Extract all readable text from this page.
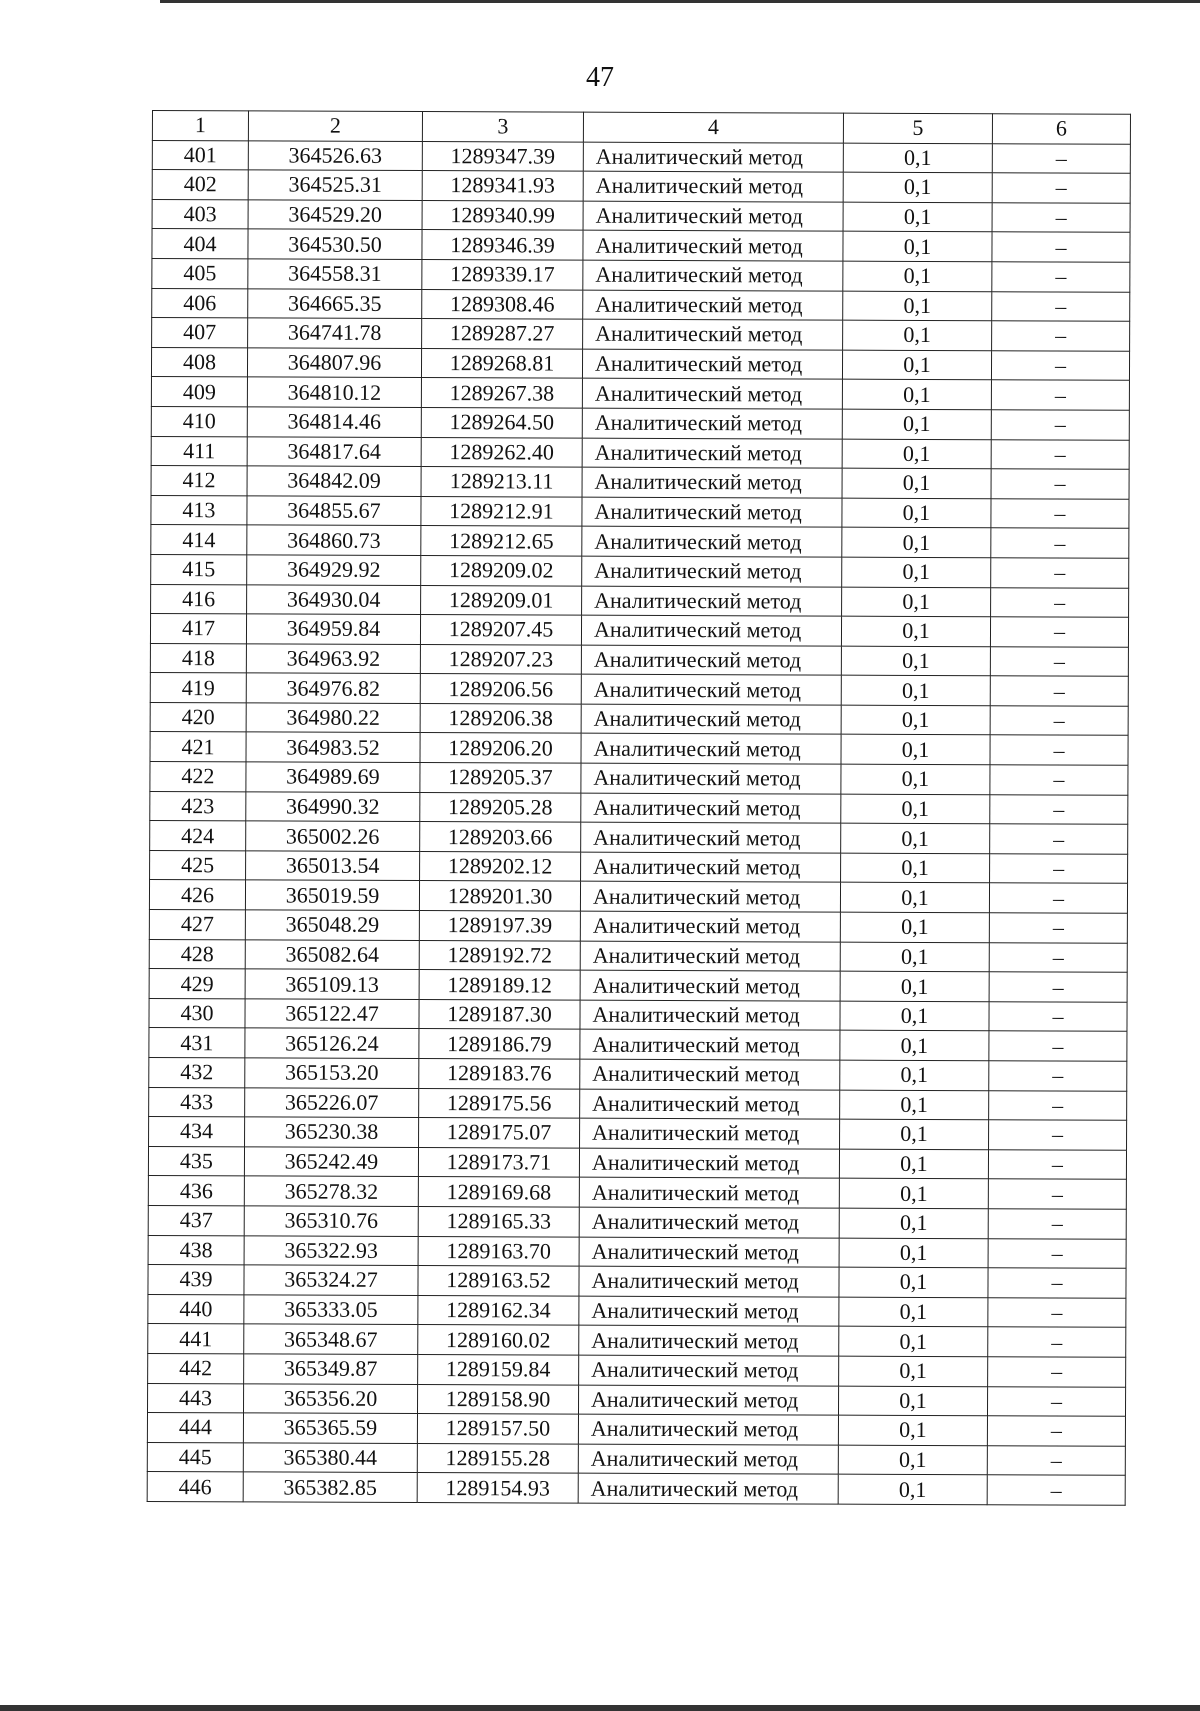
47
1	2	3	4	5	6
401	364526.63	1289347.39	Аналитический метод	0,1	–
402	364525.31	1289341.93	Аналитический метод	0,1	–
403	364529.20	1289340.99	Аналитический метод	0,1	–
404	364530.50	1289346.39	Аналитический метод	0,1	–
405	364558.31	1289339.17	Аналитический метод	0,1	–
406	364665.35	1289308.46	Аналитический метод	0,1	–
407	364741.78	1289287.27	Аналитический метод	0,1	–
408	364807.96	1289268.81	Аналитический метод	0,1	–
409	364810.12	1289267.38	Аналитический метод	0,1	–
410	364814.46	1289264.50	Аналитический метод	0,1	–
411	364817.64	1289262.40	Аналитический метод	0,1	–
412	364842.09	1289213.11	Аналитический метод	0,1	–
413	364855.67	1289212.91	Аналитический метод	0,1	–
414	364860.73	1289212.65	Аналитический метод	0,1	–
415	364929.92	1289209.02	Аналитический метод	0,1	–
416	364930.04	1289209.01	Аналитический метод	0,1	–
417	364959.84	1289207.45	Аналитический метод	0,1	–
418	364963.92	1289207.23	Аналитический метод	0,1	–
419	364976.82	1289206.56	Аналитический метод	0,1	–
420	364980.22	1289206.38	Аналитический метод	0,1	–
421	364983.52	1289206.20	Аналитический метод	0,1	–
422	364989.69	1289205.37	Аналитический метод	0,1	–
423	364990.32	1289205.28	Аналитический метод	0,1	–
424	365002.26	1289203.66	Аналитический метод	0,1	–
425	365013.54	1289202.12	Аналитический метод	0,1	–
426	365019.59	1289201.30	Аналитический метод	0,1	–
427	365048.29	1289197.39	Аналитический метод	0,1	–
428	365082.64	1289192.72	Аналитический метод	0,1	–
429	365109.13	1289189.12	Аналитический метод	0,1	–
430	365122.47	1289187.30	Аналитический метод	0,1	–
431	365126.24	1289186.79	Аналитический метод	0,1	–
432	365153.20	1289183.76	Аналитический метод	0,1	–
433	365226.07	1289175.56	Аналитический метод	0,1	–
434	365230.38	1289175.07	Аналитический метод	0,1	–
435	365242.49	1289173.71	Аналитический метод	0,1	–
436	365278.32	1289169.68	Аналитический метод	0,1	–
437	365310.76	1289165.33	Аналитический метод	0,1	–
438	365322.93	1289163.70	Аналитический метод	0,1	–
439	365324.27	1289163.52	Аналитический метод	0,1	–
440	365333.05	1289162.34	Аналитический метод	0,1	–
441	365348.67	1289160.02	Аналитический метод	0,1	–
442	365349.87	1289159.84	Аналитический метод	0,1	–
443	365356.20	1289158.90	Аналитический метод	0,1	–
444	365365.59	1289157.50	Аналитический метод	0,1	–
445	365380.44	1289155.28	Аналитический метод	0,1	–
446	365382.85	1289154.93	Аналитический метод	0,1	–
